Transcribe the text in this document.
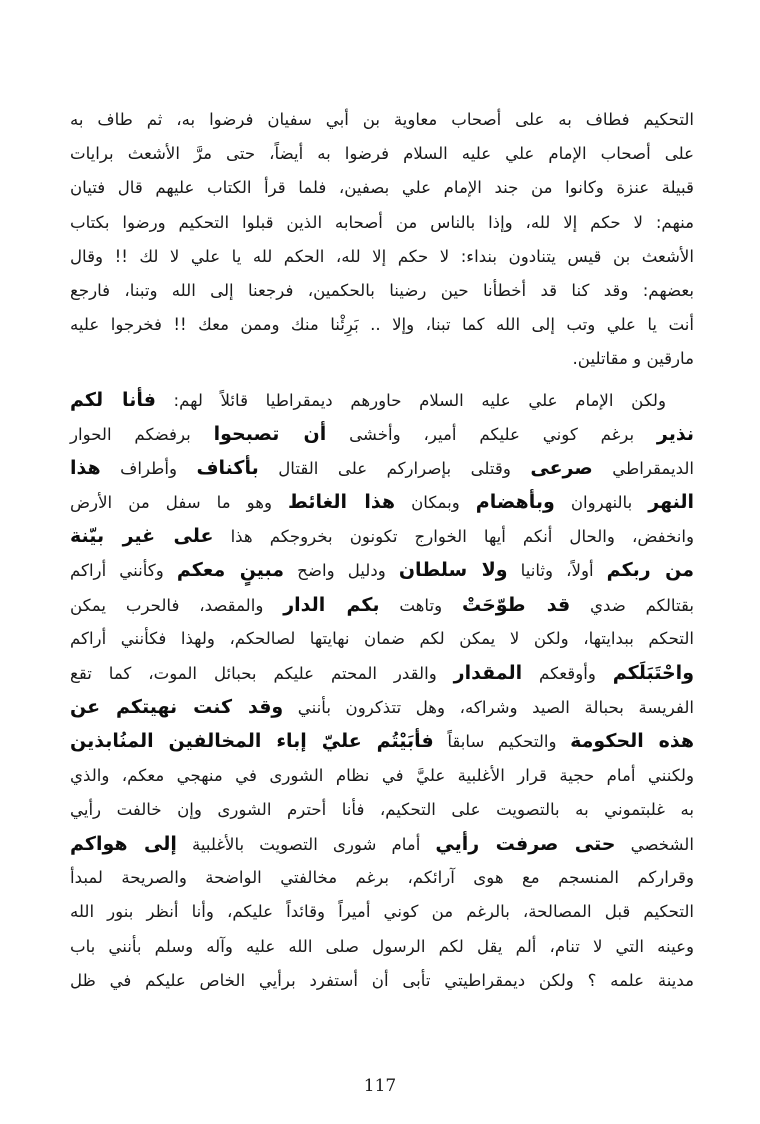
التحكيم فطاف به على أصحاب معاوية بن أبي سفيان فرضوا به، ثم طاف به
على أصحاب الإمام علي عليه السلام فرضوا به أيضاً، حتى مرَّ الأشعث برايات
قبيلة عنزة وكانوا من جند الإمام علي بصفين، فلما قرأ الكتاب عليهم قال فتيان
منهم: لا حكم إلا لله، وإذا بالناس من أصحابه الذين قبلوا التحكيم ورضوا بكتاب
الأشعث بن قيس يتنادون بنداء: لا حكم إلا لله، الحكم لله يا علي لا لك !! وقال
بعضهم: وقد كنا قد أخطأنا حين رضينا بالحكمين، فرجعنا إلى الله وتبنا، فارجع
أنت يا علي وتب إلى الله كما تبنا، وإلا .. بَرِئْنا منك وممن معك !! فخرجوا عليه
مارقين و مقاتلين.
ولكن الإمام علي عليه السلام حاورهم ديمقراطيا قائلاً لهم: فأنا لكم
نذير برغم كوني عليكم أمير، وأخشى أن تصبحوا برفضكم الحوار
الديمقراطي صرعى وقتلى بإصراركم على القتال بأكناف وأطراف هذا
النهر بالنهروان وبأهضام وبمكان هذا الغائط وهو ما سفل من الأرض
وانخفض، والحال أنكم أيها الخوارج تكونون بخروجكم هذا على غير بيّنة
من ربكم أولاً، وثانيا ولا سلطان ودليل واضح مبينٍ معكم وكأنني أراكم
بقتالكم ضدي قد طوّحَتْ وتاهت بكم الدار والمقصد، فالحرب يمكن
التحكم ببدايتها، ولكن لا يمكن لكم ضمان نهايتها لصالحكم، ولهذا فكأنني أراكم
واحْتَبَلَكم وأوقعكم المقدار والقدر المحتم عليكم بحبائل الموت، كما تقع
الفريسة بحبالة الصيد وشراكه، وهل تتذكرون بأنني وقد كنت نهيتكم عن
هذه الحكومة والتحكيم سابقاً فأبَيْتُم عليّ إباء المخالفين المنُابذين
ولكنني أمام حجية قرار الأغلبية عليَّ في نظام الشورى في منهجي معكم، والذي
به غلبتموني به بالتصويت على التحكيم، فأنا أحترم الشورى وإن خالفت رأيي
الشخصي حتى صرفت رأيي أمام شورى التصويت بالأغلبية إلى هواكم
وقراركم المنسجم مع هوى آرائكم، برغم مخالفتي الواضحة والصريحة لمبدأ
التحكيم قبل المصالحة، بالرغم من كوني أميراً وقائداً عليكم، وأنا أنظر بنور الله
وعينه التي لا تنام، ألم يقل لكم الرسول صلى الله عليه وآله وسلم بأنني باب
مدينة علمه ؟ ولكن ديمقراطيتي تأبى أن أستفرد برأيي الخاص عليكم في ظل
117
